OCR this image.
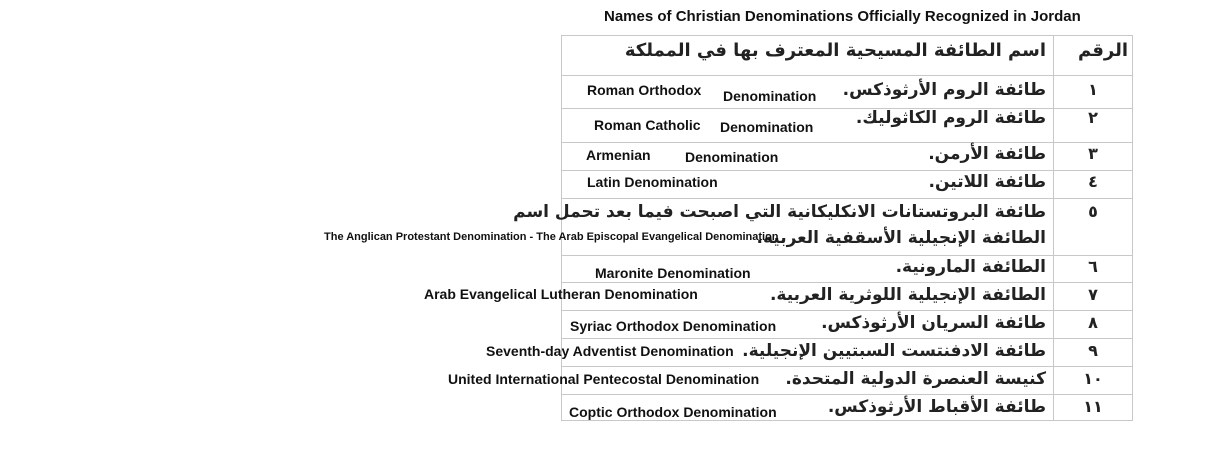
Names of Christian Denominations Officially Recognized in Jordan
الرقم
اسم الطائفة المسيحية المعترف بها في المملكة
١
طائفة الروم الأرثوذكس.
٢
طائفة الروم الكاثوليك.
٣
طائفة الأرمن.
٤
طائفة اللاتين.
٥
طائفة البروتستانات الانكليكانية التي اصبحت فيما بعد تحمل اسم
الطائفة الإنجيلية الأسقفية العربية.
٦
الطائفة المارونية.
٧
الطائفة الإنجيلية اللوثرية العربية.
٨
طائفة السريان الأرثوذكس.
٩
طائفة الادفنتست السبتيين الإنجيلية.
١٠
كنيسة العنصرة الدولية المتحدة.
١١
طائفة الأقباط الأرثوذكس.
Roman Orthodox Denomination
Roman Catholic Denomination
Armenian Denomination
Latin Denomination
The Anglican Protestant Denomination - The Arab Episcopal Evangelical Denomination
Maronite Denomination
Arab Evangelical Lutheran Denomination
Syriac Orthodox Denomination
Seventh-day Adventist Denomination
United International Pentecostal Denomination
Coptic Orthodox Denomination
